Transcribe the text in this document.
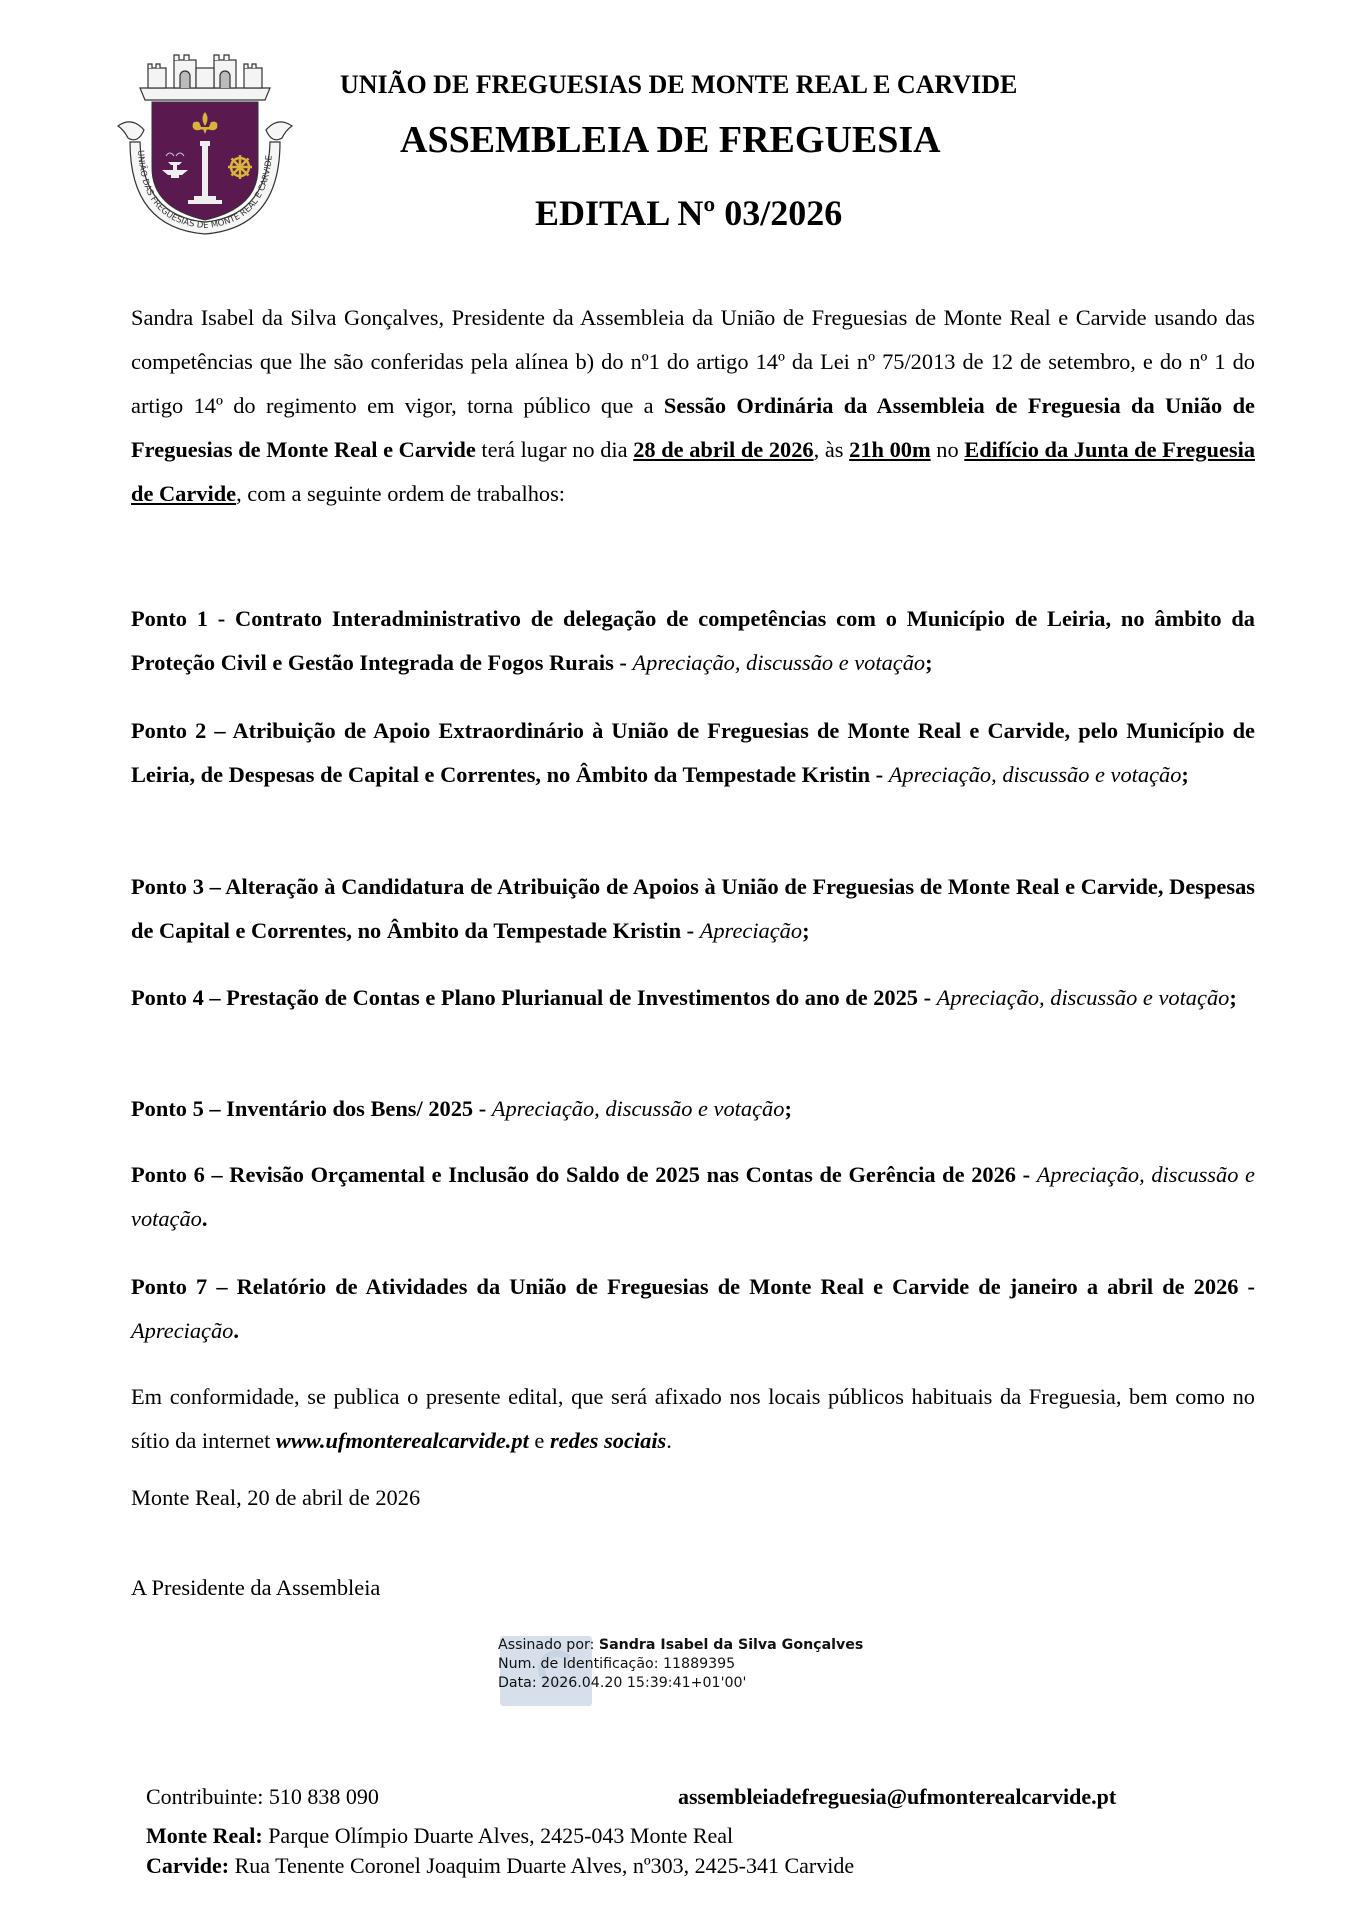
UNIÃO DAS FREGUESIAS DE MONTE REAL E CARVIDE
UNIÃO DE FREGUESIAS DE MONTE REAL E CARVIDE
ASSEMBLEIA DE FREGUESIA
EDITAL Nº 03/2026

Sandra Isabel da Silva Gonçalves, Presidente da Assembleia da União de Freguesias de Monte Real e Carvide usando das competências que lhe são conferidas pela alínea b) do nº1 do artigo 14º da Lei nº 75/2013 de 12 de setembro, e do nº 1 do artigo 14º do regimento em vigor, torna público que a Sessão Ordinária da Assembleia de Freguesia da União de Freguesias de Monte Real e Carvide terá lugar no dia 28 de abril de 2026, às 21h 00m no Edifício da Junta de Freguesia de Carvide, com a seguinte ordem de trabalhos:

Ponto 1 - Contrato Interadministrativo de delegação de competências com o Município de Leiria, no âmbito da Proteção Civil e Gestão Integrada de Fogos Rurais - Apreciação, discussão e votação;

Ponto 2 – Atribuição de Apoio Extraordinário à União de Freguesias de Monte Real e Carvide, pelo Município de Leiria, de Despesas de Capital e Correntes, no Âmbito da Tempestade Kristin - Apreciação, discussão e votação;

Ponto 3 – Alteração à Candidatura de Atribuição de Apoios à União de Freguesias de Monte Real e Carvide, Despesas de Capital e Correntes, no Âmbito da Tempestade Kristin - Apreciação;

Ponto 4 – Prestação de Contas e Plano Plurianual de Investimentos do ano de 2025 - Apreciação, discussão e votação;

Ponto 5 – Inventário dos Bens/ 2025 - Apreciação, discussão e votação;

Ponto 6 – Revisão Orçamental e Inclusão do Saldo de 2025 nas Contas de Gerência de 2026 - Apreciação, discussão e votação.

Ponto 7 – Relatório de Atividades da União de Freguesias de Monte Real e Carvide de janeiro a abril de 2026 - Apreciação.

Em conformidade, se publica o presente edital, que será afixado nos locais públicos habituais da Freguesia, bem como no sítio da internet www.ufmonterealcarvide.pt e redes sociais.

Monte Real, 20 de abril de 2026

A Presidente da Assembleia

Assinado por: Sandra Isabel da Silva Gonçalves
Num. de Identificação: 11889395
Data: 2026.04.20 15:39:41+01'00'
Contribuinte: 510 838 090	assembleiadefreguesia@ufmonterealcarvide.pt
Monte Real: Parque Olímpio Duarte Alves, 2425-043 Monte Real
Carvide: Rua Tenente Coronel Joaquim Duarte Alves, nº303, 2425-341 Carvide
